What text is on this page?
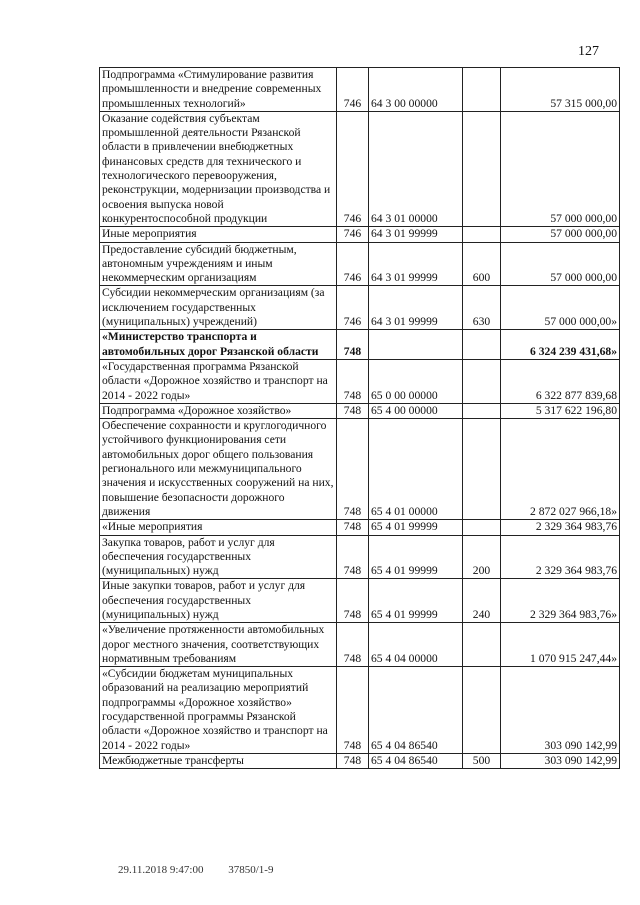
127
Подпрограмма «Стимулирование развития промышленности и внедрение современных промышленных технологий»	746	64 3 00 00000		57 315 000,00
Оказание содействия субъектам промышленной деятельности Рязанской области в привлечении внебюджетных финансовых средств для технического и технологического перевооружения, реконструкции, модернизации производства и освоения выпуска новой конкурентоспособной продукции	746	64 3 01 00000		57 000 000,00
Иные мероприятия	746	64 3 01 99999		57 000 000,00
Предоставление субсидий бюджетным, автономным учреждениям и иным некоммерческим организациям	746	64 3 01 99999	600	57 000 000,00
Субсидии некоммерческим организациям (за исключением государственных (муниципальных) учреждений)	746	64 3 01 99999	630	57 000 000,00»
«Министерство транспорта и автомобильных дорог Рязанской области	748			6 324 239 431,68»
«Государственная программа Рязанской области «Дорожное хозяйство и транспорт на 2014 - 2022 годы»	748	65 0 00 00000		6 322 877 839,68
Подпрограмма «Дорожное хозяйство»	748	65 4 00 00000		5 317 622 196,80
Обеспечение сохранности и круглогодичного устойчивого функционирования сети автомобильных дорог общего пользования регионального или межмуниципального значения и искусственных сооружений на них, повышение безопасности дорожного движения	748	65 4 01 00000		2 872 027 966,18»
«Иные мероприятия	748	65 4 01 99999		2 329 364 983,76
Закупка товаров, работ и услуг для обеспечения государственных (муниципальных) нужд	748	65 4 01 99999	200	2 329 364 983,76
Иные закупки товаров, работ и услуг для обеспечения государственных (муниципальных) нужд	748	65 4 01 99999	240	2 329 364 983,76»
«Увеличение протяженности автомобильных дорог местного значения, соответствующих нормативным требованиям	748	65 4 04 00000		1 070 915 247,44»
«Субсидии бюджетам муниципальных образований на реализацию мероприятий подпрограммы «Дорожное хозяйство» государственной программы Рязанской области «Дорожное хозяйство и транспорт на 2014 - 2022 годы»	748	65 4 04 86540		303 090 142,99
Межбюджетные трансферты	748	65 4 04 86540	500	303 090 142,99
29.11.2018 9:47:00 37850/1-9
